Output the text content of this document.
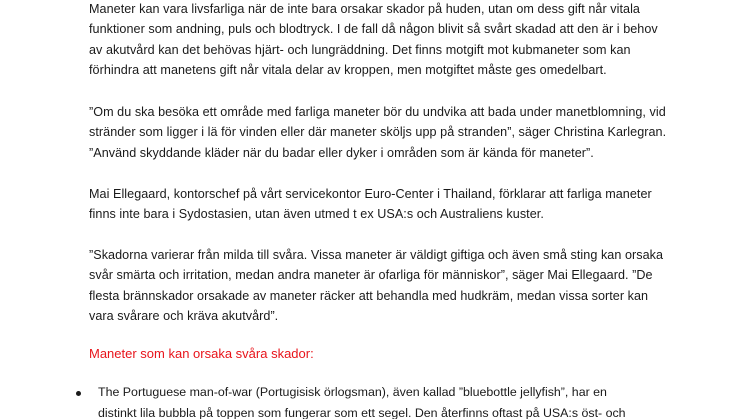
Maneter kan vara livsfarliga när de inte bara orsakar skador på huden, utan om dess gift når vitala funktioner som andning, puls och blodtryck. I de fall då någon blivit så svårt skadad att den är i behov av akutvård kan det behövas hjärt- och lungräddning. Det finns motgift mot kubmaneter som kan förhindra att manetens gift når vitala delar av kroppen, men motgiftet måste ges omedelbart.

”Om du ska besöka ett område med farliga maneter bör du undvika att bada under manetblomning, vid stränder som ligger i lä för vinden eller där maneter sköljs upp på stranden”, säger Christina Karlegran. ”Använd skyddande kläder när du badar eller dyker i områden som är kända för maneter”.

Mai Ellegaard, kontorschef på vårt servicekontor Euro-Center i Thailand, förklarar att farliga maneter finns inte bara i Sydostasien, utan även utmed t ex USA:s och Australiens kuster.

”Skadorna varierar från milda till svåra. Vissa maneter är väldigt giftiga och även små sting kan orsaka svår smärta och irritation, medan andra maneter är ofarliga för människor”, säger Mai Ellegaard. ”De flesta brännskador orsakade av maneter räcker att behandla med hudkräm, medan vissa sorter kan vara svårare och kräva akutvård”.

Maneter som kan orsaka svåra skador:

The Portuguese man-of-war (Portugisisk örlogsman), även kallad ”bluebottle jellyfish”, har en distinkt lila bubbla på toppen som fungerar som ett segel. Den återfinns oftast på USA:s öst- och
